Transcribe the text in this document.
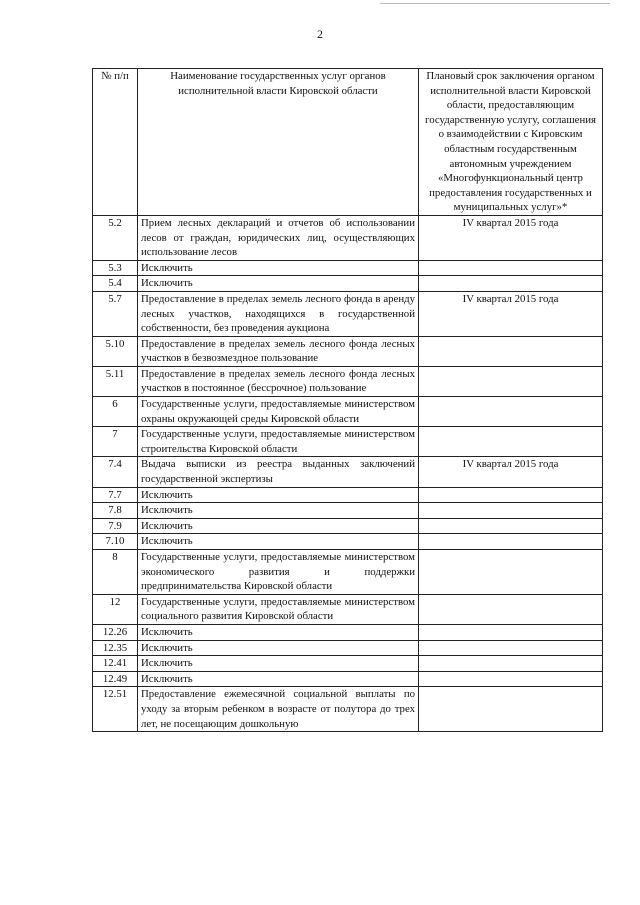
2
№ п/п	Наименование государственных услуг органов исполнительной власти Кировской области	Плановый срок заключения органом исполнительной власти Кировской области, предоставляющим государственную услугу, соглашения о взаимодействии с Кировским областным государственным автономным учреждением «Многофункциональный центр предоставления государственных и муниципальных услуг»*
5.2	Прием лесных деклараций и отчетов об использовании лесов от граждан, юридических лиц, осуществляющих использование лесов	IV квартал 2015 года
5.3	Исключить	
5.4	Исключить	
5.7	Предоставление в пределах земель лесного фонда в аренду лесных участков, находящихся в государственной собственности, без проведения аукциона	IV квартал 2015 года
5.10	Предоставление в пределах земель лесного фонда лесных участков в безвозмездное пользование	
5.11	Предоставление в пределах земель лесного фонда лесных участков в постоянное (бессрочное) пользование	
6	Государственные услуги, предоставляемые министерством охраны окружающей среды Кировской области	
7	Государственные услуги, предоставляемые министерством строительства Кировской области	
7.4	Выдача выписки из реестра выданных заключений государственной экспертизы	IV квартал 2015 года
7.7	Исключить	
7.8	Исключить	
7.9	Исключить	
7.10	Исключить	
8	Государственные услуги, предоставляемые министерством экономического развития и поддержки предпринимательства Кировской области	
12	Государственные услуги, предоставляемые министерством социального развития Кировской области	
12.26	Исключить	
12.35	Исключить	
12.41	Исключить	
12.49	Исключить	
12.51	Предоставление ежемесячной социальной выплаты по уходу за вторым ребенком в возрасте от полутора до трех лет, не посещающим дошкольную	
